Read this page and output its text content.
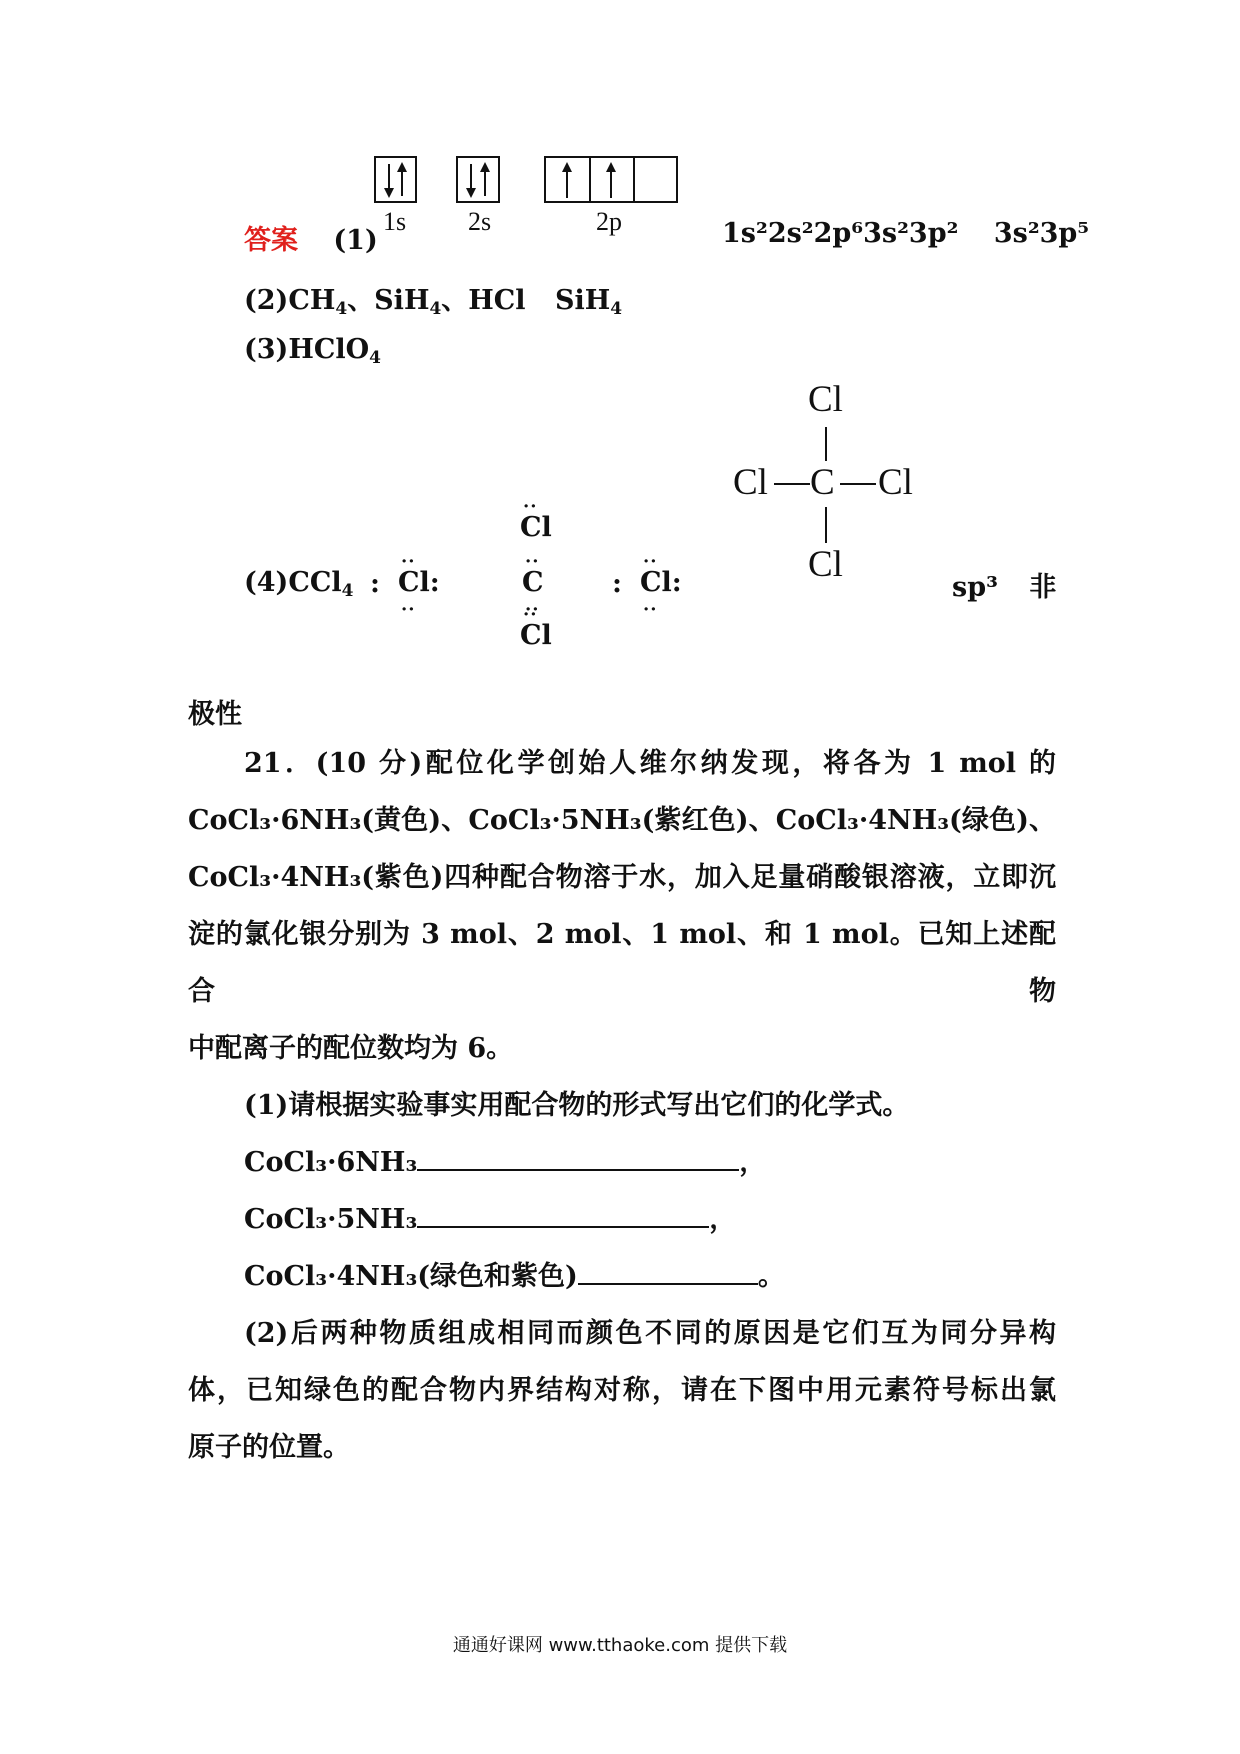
1s 2s	2p
答案 (1)	1s²2s²2p⁶3s²3p² 3s²3p⁵
$(2)CH_4$、SiH$_4$、HCl SiH$_4$
(3)HClO$_4$
(4)CCl$_4$ : ·· Cl ··:
·· Cl
·· C ··
·· Cl
: ·· Cl ··:
Cl
Cl C Cl
Cl
sp³ 非
极性
21．(10 分)配位化学创始人维尔纳发现，将各为 1 mol 的
CoCl₃·6NH₃(黄色)、CoCl₃·5NH₃(紫红色)、CoCl₃·4NH₃(绿色)、
CoCl₃·4NH₃(紫色)四种配合物溶于水，加入足量硝酸银溶液，立即沉
淀的氯化银分别为 3 mol、2 mol、1 mol、和 1 mol。已知上述配合物
中配离子的配位数均为 6。
(1)请根据实验事实用配合物的形式写出它们的化学式。
CoCl₃·6NH₃	，
CoCl₃·5NH₃	，
CoCl₃·4NH₃(绿色和紫色)	。
(2)后两种物质组成相同而颜色不同的原因是它们互为同分异构
体，已知绿色的配合物内界结构对称，请在下图中用元素符号标出氯
原子的位置。
通通好课网 www.tthaoke.com 提供下载
